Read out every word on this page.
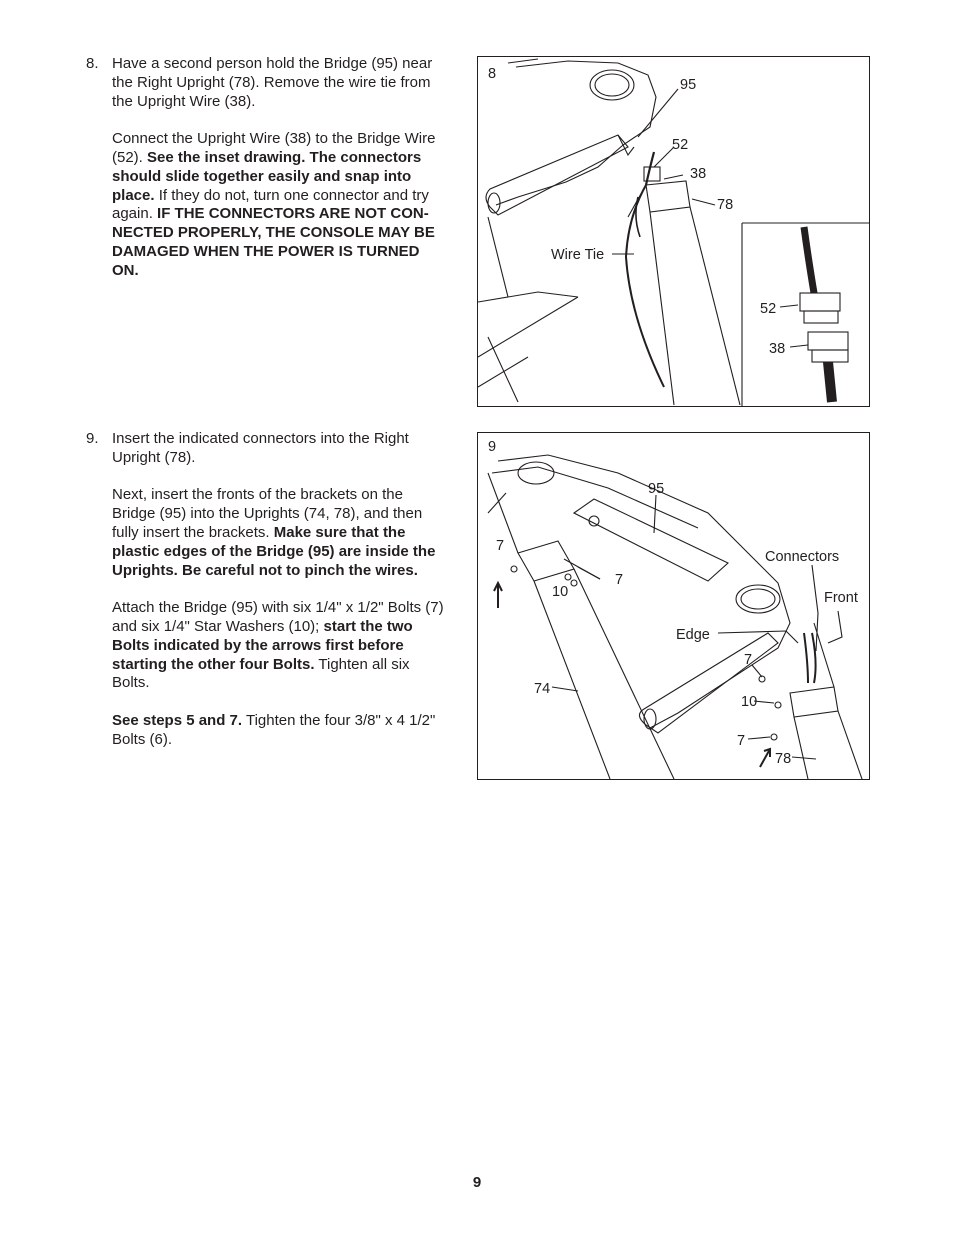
8. Have a second person hold the Bridge (95) near the Right Upright (78). Remove the wire tie from the Upright Wire (38).

Connect the Upright Wire (38) to the Bridge Wire (52). See the inset drawing. The connectors should slide together easily and snap into place. If they do not, turn one connector and try again. IF THE CONNECTORS ARE NOT CON-NECTED PROPERLY, THE CONSOLE MAY BE DAMAGED WHEN THE POWER IS TURNED ON.

9. Insert the indicated connectors into the Right Upright (78).

Next, insert the fronts of the brackets on the Bridge (95) into the Uprights (74, 78), and then fully insert the brackets. Make sure that the plastic edges of the Bridge (95) are inside the Uprights. Be careful not to pinch the wires.

Attach the Bridge (95) with six 1/4" x 1/2" Bolts (7) and six 1/4" Star Washers (10); start the two Bolts indicated by the arrows first before starting the other four Bolts. Tighten all six Bolts.

See steps 5 and 7. Tighten the four 3/8" x 4 1/2" Bolts (6).

8
95
52
38
78
Wire Tie
52
38
9
95
7
7
10
Connectors
Front
Edge
7
10
74
7
78
9
